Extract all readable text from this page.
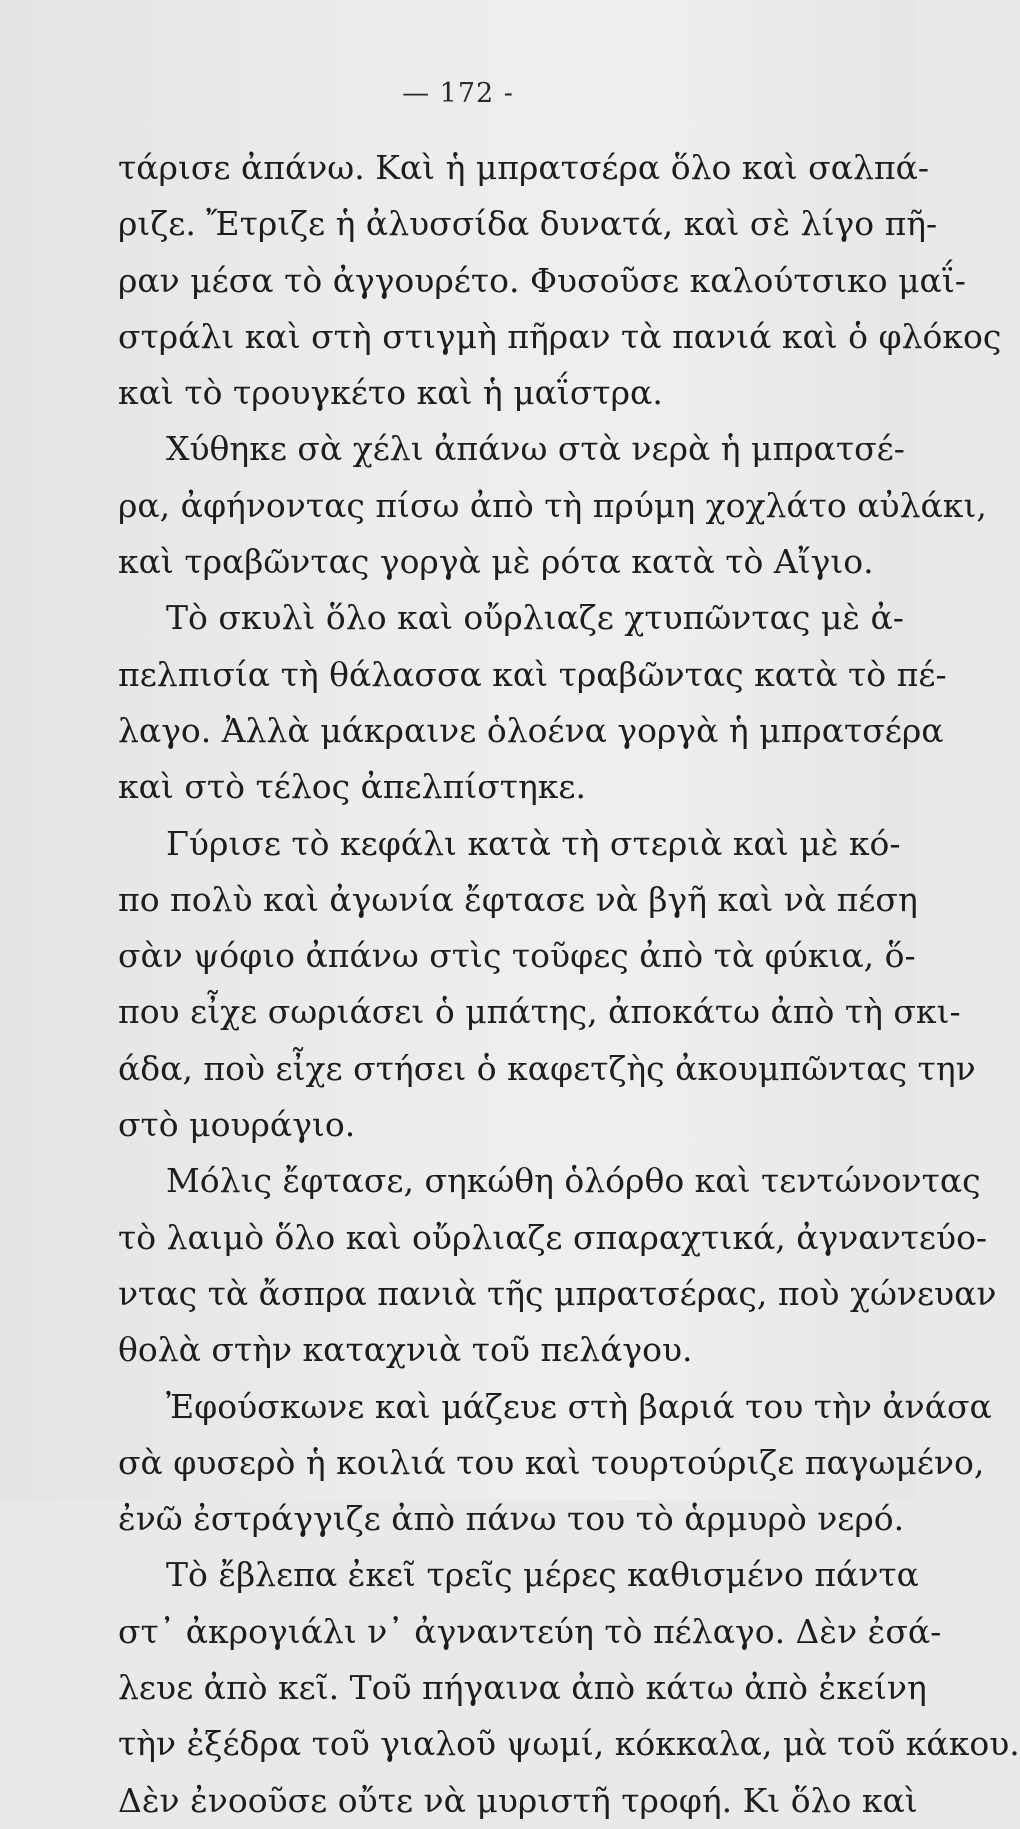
— 172 -
τάρισε ἀπάνω. Καὶ ἡ μπρατσέρα ὅλο καὶ σαλπά-
ριζε. Ἔτριζε ἡ ἀλυσσίδα δυνατά, καὶ σὲ λίγο πῆ-
ραν μέσα τὸ ἀγγουρέτο. Φυσοῦσε καλούτσικο μαΐ-
στράλι καὶ στὴ στιγμὴ πῆραν τὰ πανιά καὶ ὁ φλόκος
καὶ τὸ τρουγκέτο καὶ ἡ μαΐστρα.
Χύθηκε σὰ χέλι ἀπάνω στὰ νερὰ ἡ μπρατσέ-
ρα, ἀφήνοντας πίσω ἀπὸ τὴ πρύμη χοχλάτο αὐλάκι,
καὶ τραβῶντας γοργὰ μὲ ρότα κατὰ τὸ Αἴγιο.
Τὸ σκυλὶ ὅλο καὶ οὔρλιαζε χτυπῶντας μὲ ἀ-
πελπισία τὴ θάλασσα καὶ τραβῶντας κατὰ τὸ πέ-
λαγο. Ἀλλὰ μάκραινε ὁλοένα γοργὰ ἡ μπρατσέρα
καὶ στὸ τέλος ἀπελπίστηκε.
Γύρισε τὸ κεφάλι κατὰ τὴ στεριὰ καὶ μὲ κό-
πο πολὺ καὶ ἀγωνία ἔφτασε νὰ βγῆ καὶ νὰ πέση
σὰν ψόφιο ἀπάνω στὶς τοῦφες ἀπὸ τὰ φύκια, ὅ-
που εἶχε σωριάσει ὁ μπάτης, ἀποκάτω ἀπὸ τὴ σκι-
άδα, ποὺ εἶχε στήσει ὁ καφετζὴς ἀκουμπῶντας την
στὸ μουράγιο.
Μόλις ἔφτασε, σηκώθη ὁλόρθο καὶ τεντώνοντας
τὸ λαιμὸ ὅλο καὶ οὔρλιαζε σπαραχτικά, ἀγναντεύο-
ντας τὰ ἄσπρα πανιὰ τῆς μπρατσέρας, ποὺ χώνευαν
θολὰ στὴν καταχνιὰ τοῦ πελάγου.
Ἐφούσκωνε καὶ μάζευε στὴ βαριά του τὴν ἀνάσα
σὰ φυσερὸ ἡ κοιλιά του καὶ τουρτούριζε παγωμένο,
ἐνῶ ἐστράγγιζε ἀπὸ πάνω του τὸ ἁρμυρὸ νερό.
Τὸ ἔβλεπα ἐκεῖ τρεῖς μέρες καθισμένο πάντα
στ᾽ ἀκρογιάλι ν᾽ ἀγναντεύη τὸ πέλαγο. Δὲν ἐσά-
λευε ἀπὸ κεῖ. Τοῦ πήγαινα ἀπὸ κάτω ἀπὸ ἐκείνη
τὴν ἐξέδρα τοῦ γιαλοῦ ψωμί, κόκκαλα, μὰ τοῦ κάκου.
Δὲν ἐνοοῦσε οὔτε νὰ μυριστῆ τροφή. Κι ὅλο καὶ
